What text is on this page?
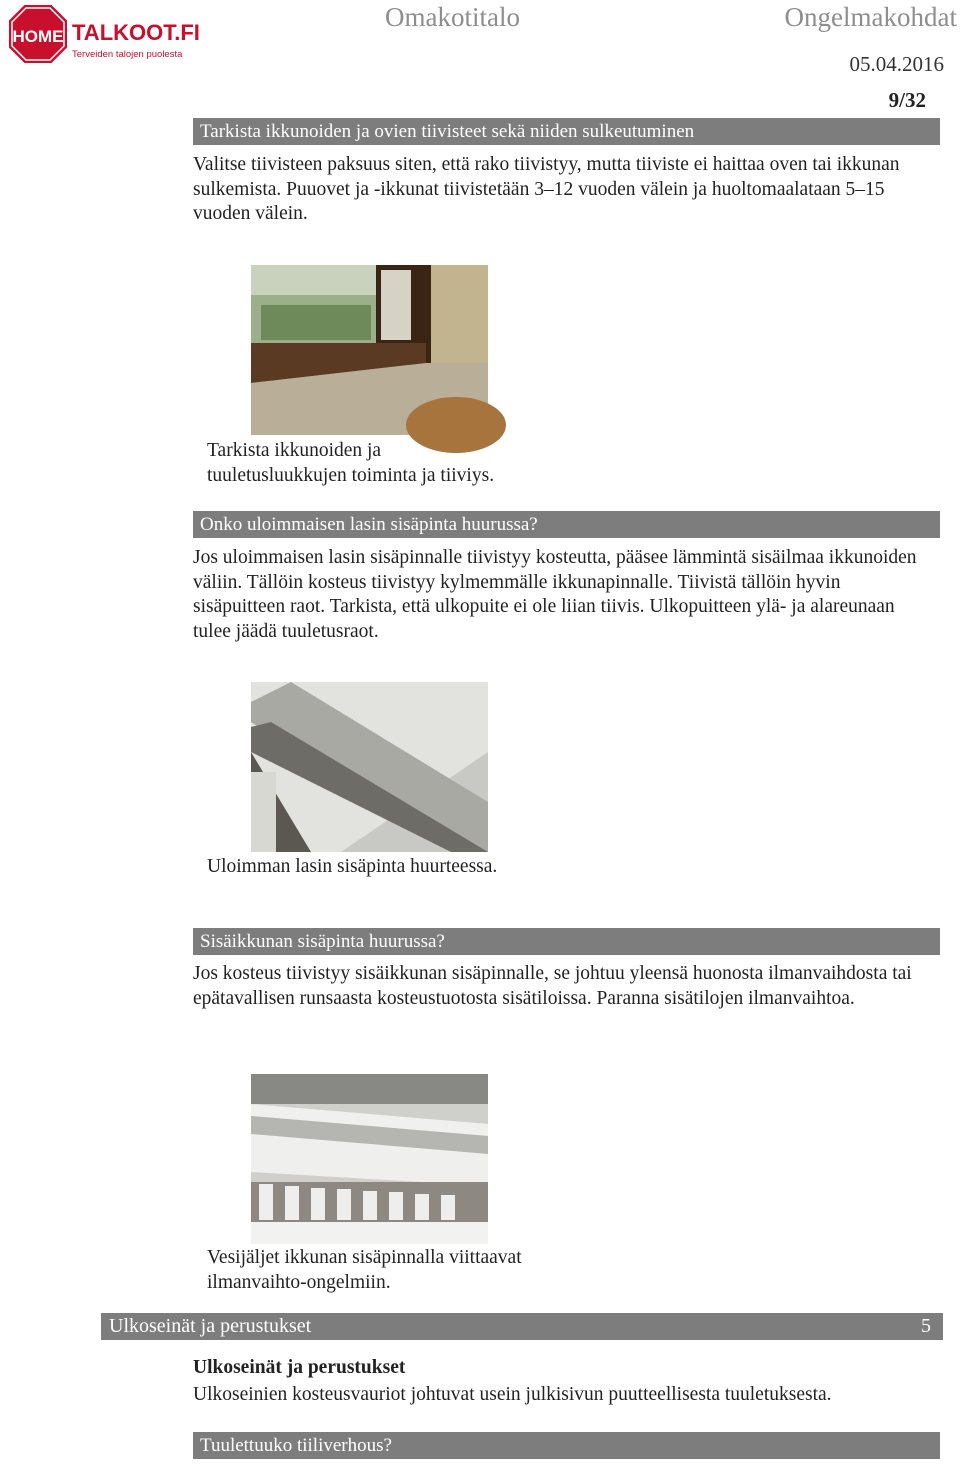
HOME TALKOOT.FI
Terveiden talojen puolesta
Omakotitalo	Ongelmakohdat
05.04.2016
9/32
Tarkista ikkunoiden ja ovien tiivisteet sekä niiden sulkeutuminen
Valitse tiivisteen paksuus siten, että rako tiivistyy, mutta tiiviste ei haittaa oven tai ikkunan sulkemista. Puuovet ja -ikkunat tiivistetään 3–12 vuoden välein ja huoltomaalataan 5–15 vuoden välein.
Tarkista ikkunoiden ja tuuletusluukkujen toiminta ja tiiviys.
Onko uloimmaisen lasin sisäpinta huurussa?
Jos uloimmaisen lasin sisäpinnalle tiivistyy kosteutta, pääsee lämmintä sisäilmaa ikkunoiden väliin. Tällöin kosteus tiivistyy kylmemmälle ikkunapinnalle. Tiivistä tällöin hyvin sisäpuitteen raot. Tarkista, että ulkopuite ei ole liian tiivis. Ulkopuitteen ylä- ja alareunaan tulee jäädä tuuletusraot.
Uloimman lasin sisäpinta huurteessa.
Sisäikkunan sisäpinta huurussa?
Jos kosteus tiivistyy sisäikkunan sisäpinnalle, se johtuu yleensä huonosta ilmanvaihdosta tai epätavallisen runsaasta kosteustuotosta sisätiloissa. Paranna sisätilojen ilmanvaihtoa.
Vesijäljet ikkunan sisäpinnalla viittaavat ilmanvaihto-ongelmiin.
Ulkoseinät ja perustukset	5
Ulkoseinät ja perustukset
Ulkoseinien kosteusvauriot johtuvat usein julkisivun puutteellisesta tuuletuksesta.
Tuulettuuko tiiliverhous?
